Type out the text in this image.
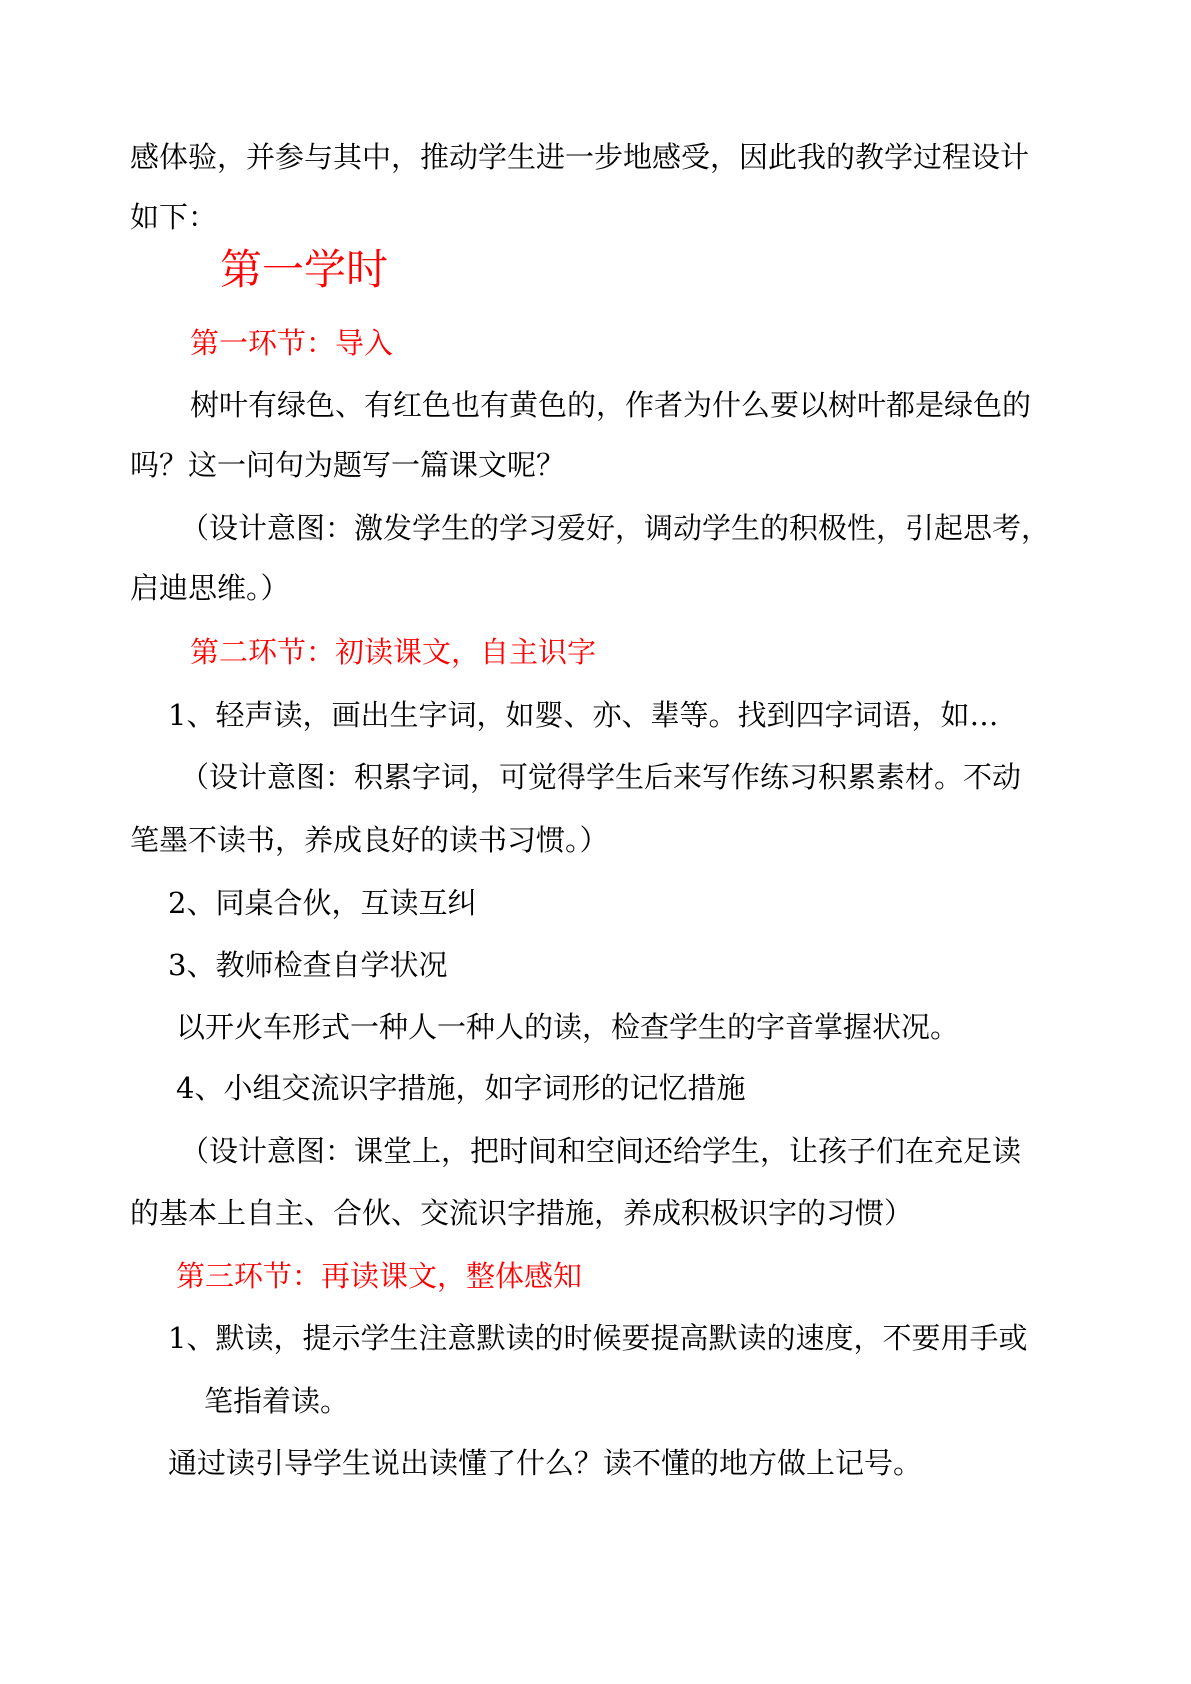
感体验，并参与其中，推动学生进一步地感受，因此我的教学过程设计
如下：
第一学时
第一环节：导入
树叶有绿色、有红色也有黄色的，作者为什么要以树叶都是绿色的
吗？这一问句为题写一篇课文呢？
（设计意图：激发学生的学习爱好，调动学生的积极性，引起思考，
启迪思维。）
第二环节：初读课文，自主识字
1、轻声读，画出生字词，如婴、亦、辈等。找到四字词语，如…
（设计意图：积累字词，可觉得学生后来写作练习积累素材。不动
笔墨不读书，养成良好的读书习惯。）
2、同桌合伙，互读互纠
3、教师检查自学状况
以开火车形式一种人一种人的读，检查学生的字音掌握状况。
4、小组交流识字措施，如字词形的记忆措施
（设计意图：课堂上，把时间和空间还给学生，让孩子们在充足读
的基本上自主、合伙、交流识字措施，养成积极识字的习惯）
第三环节：再读课文，整体感知
1、默读，提示学生注意默读的时候要提高默读的速度，不要用手或
笔指着读。
通过读引导学生说出读懂了什么？读不懂的地方做上记号。
